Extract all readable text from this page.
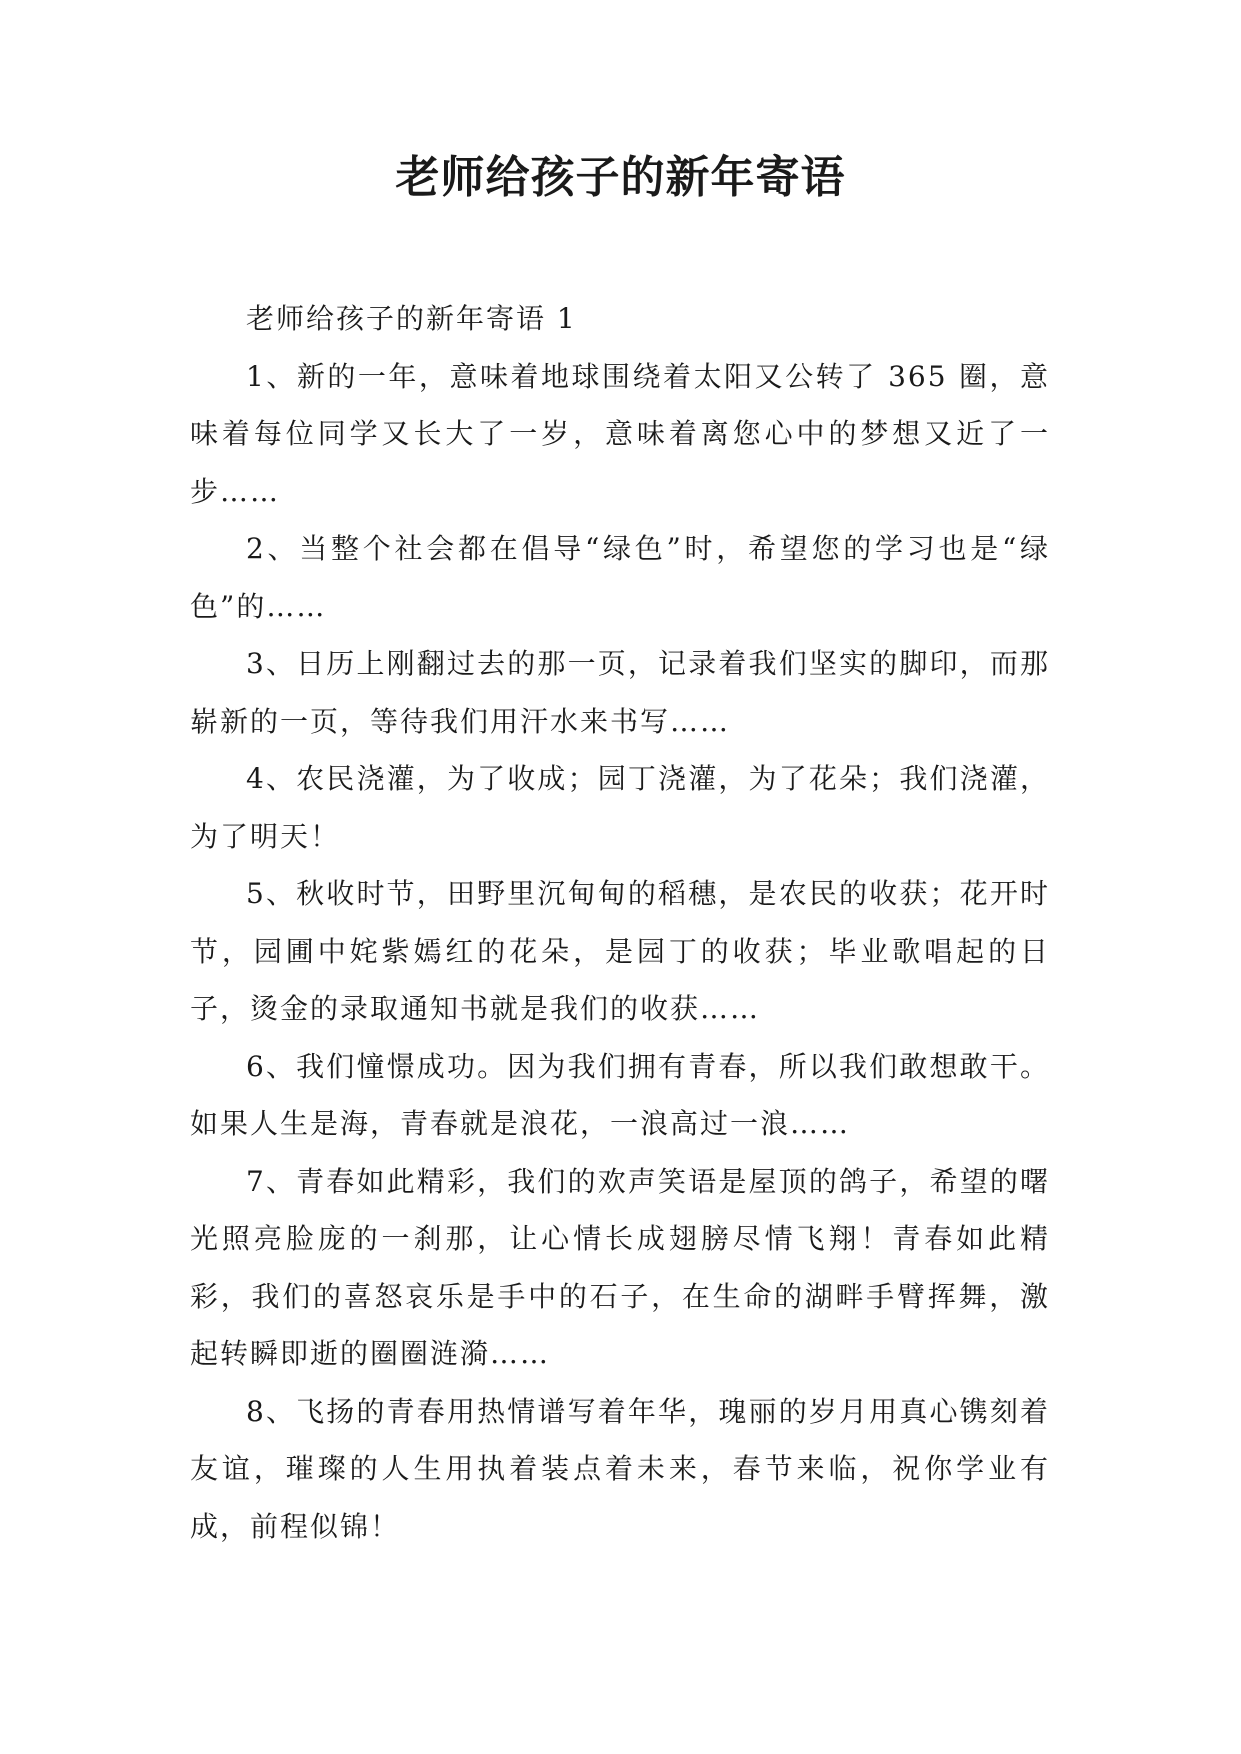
老师给孩子的新年寄语

老师给孩子的新年寄语 1

1、新的一年，意味着地球围绕着太阳又公转了 365 圈，意味着每位同学又长大了一岁，意味着离您心中的梦想又近了一步……

2、当整个社会都在倡导“绿色”时，希望您的学习也是“绿色”的……

3、日历上刚翻过去的那一页，记录着我们坚实的脚印，而那崭新的一页，等待我们用汗水来书写……

4、农民浇灌，为了收成；园丁浇灌，为了花朵；我们浇灌，为了明天！

5、秋收时节，田野里沉甸甸的稻穗，是农民的收获；花开时节，园圃中姹紫嫣红的花朵，是园丁的收获；毕业歌唱起的日子，烫金的录取通知书就是我们的收获……

6、我们憧憬成功。因为我们拥有青春，所以我们敢想敢干。如果人生是海，青春就是浪花，一浪高过一浪……

7、青春如此精彩，我们的欢声笑语是屋顶的鸽子，希望的曙光照亮脸庞的一刹那，让心情长成翅膀尽情飞翔！青春如此精彩，我们的喜怒哀乐是手中的石子，在生命的湖畔手臂挥舞，激起转瞬即逝的圈圈涟漪……

8、飞扬的青春用热情谱写着年华，瑰丽的岁月用真心镌刻着友谊，璀璨的人生用执着装点着未来，春节来临，祝你学业有成，前程似锦！
